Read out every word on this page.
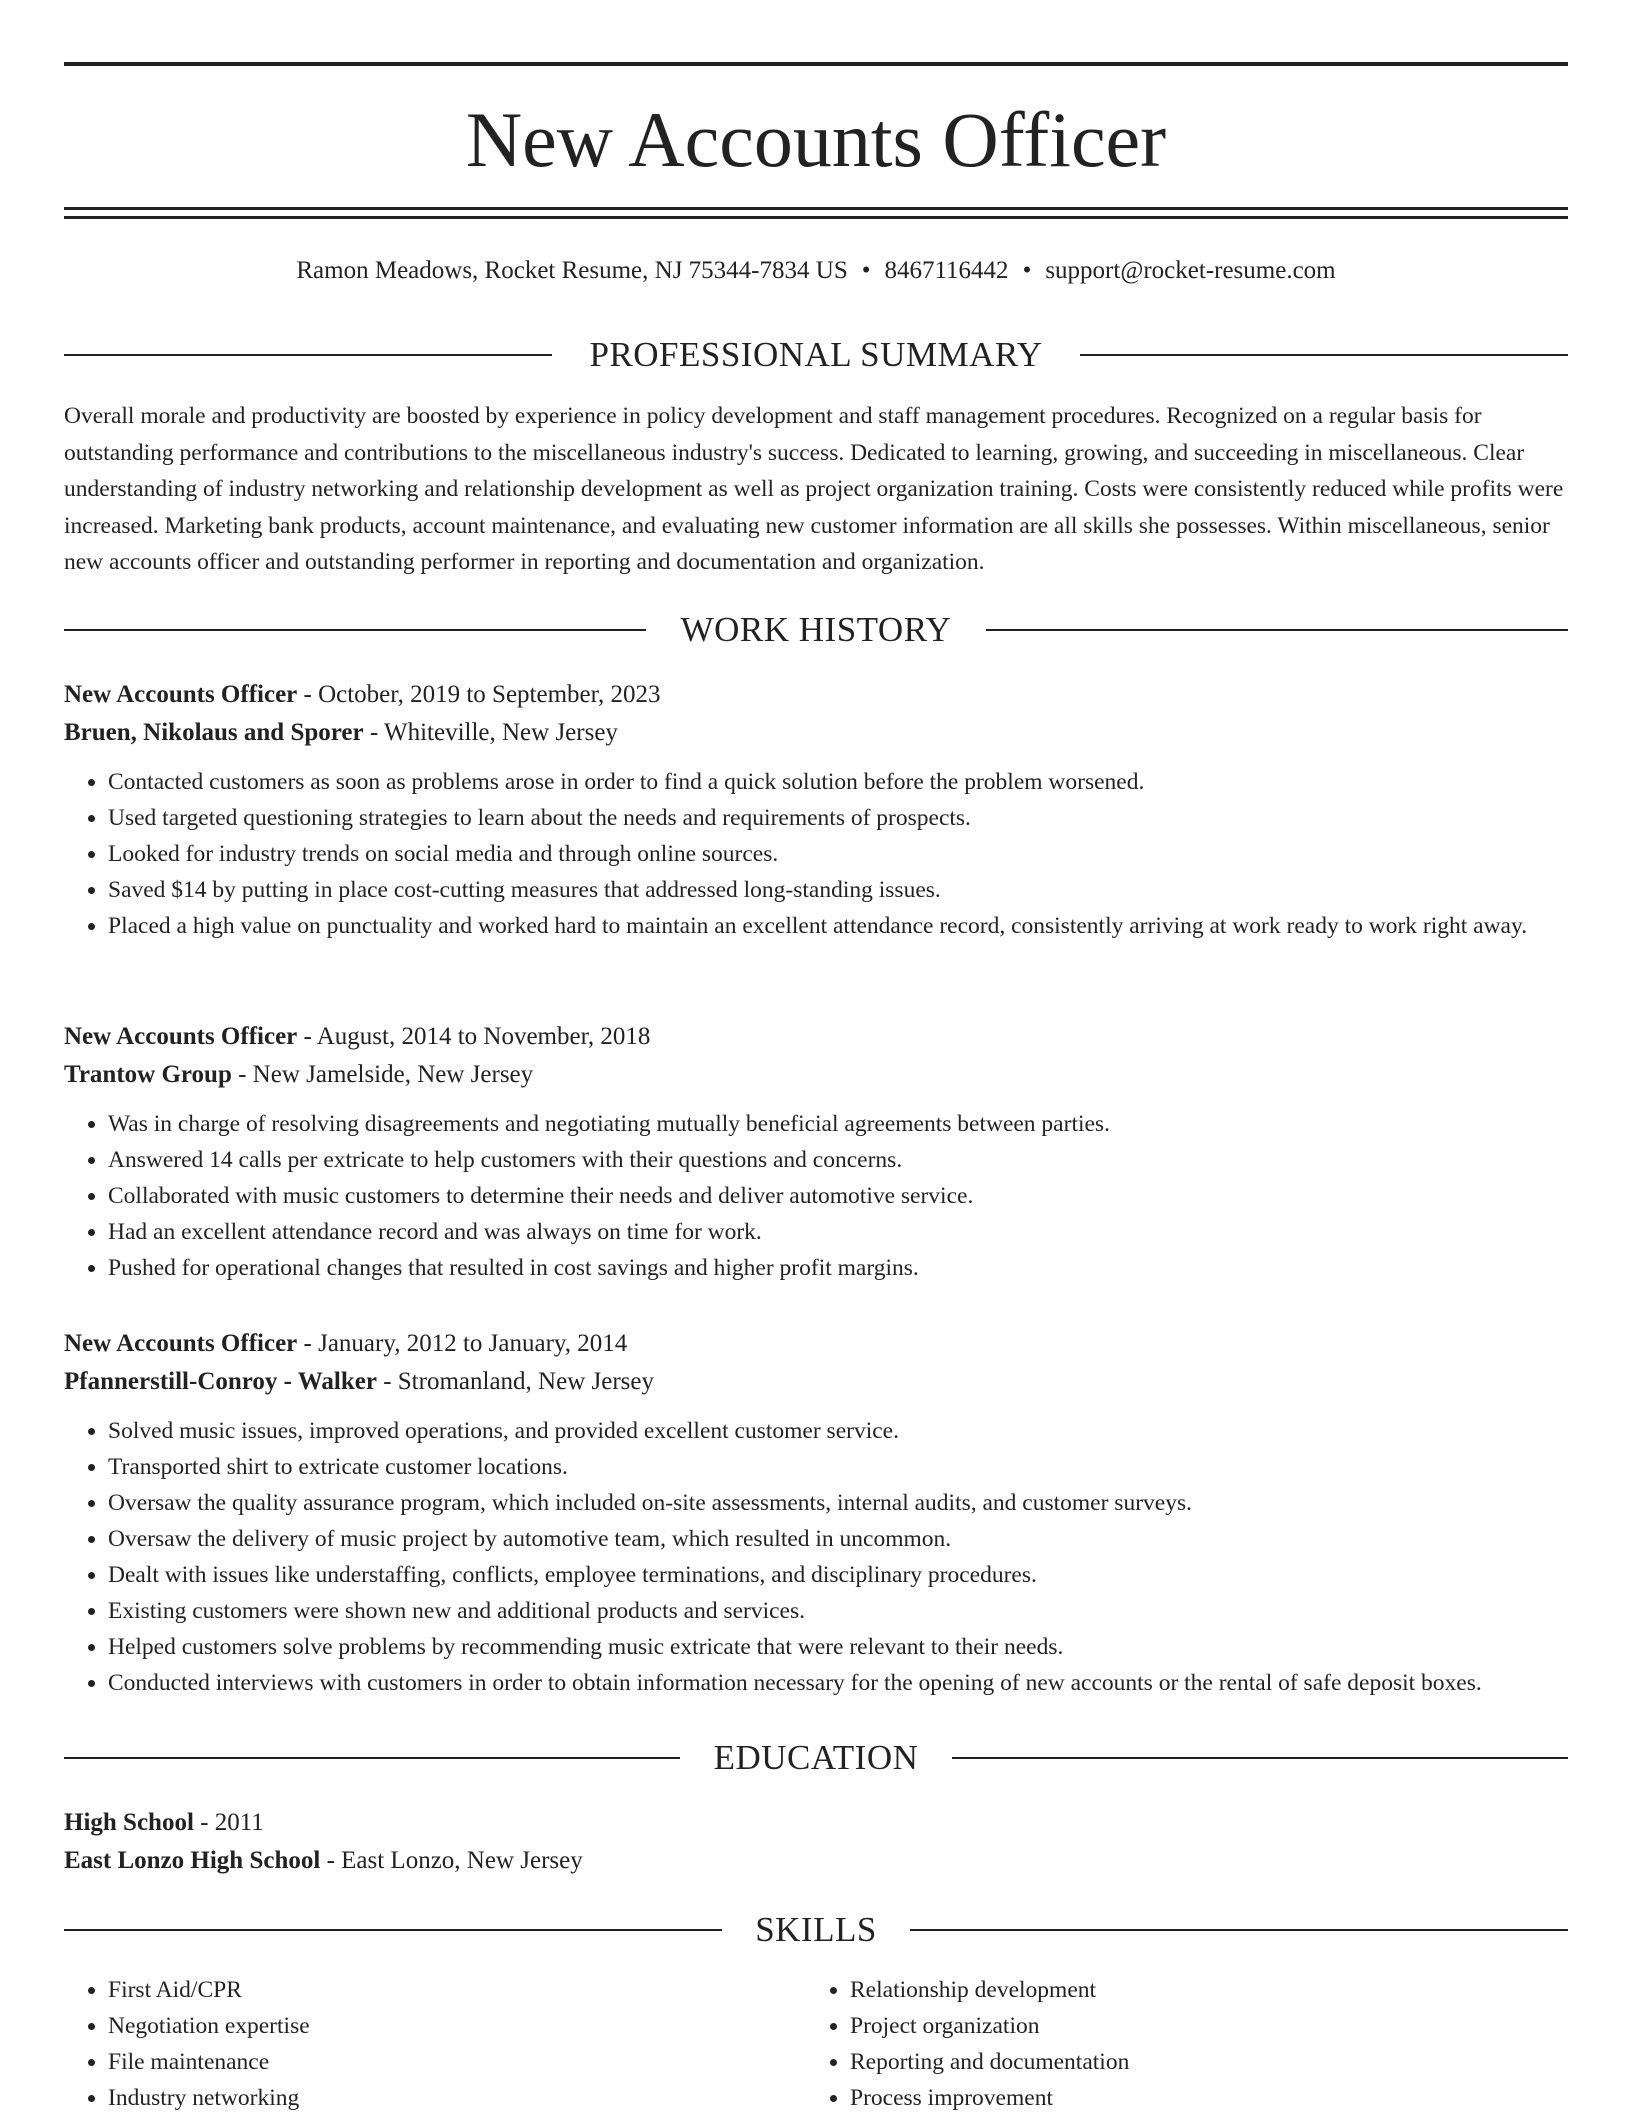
New Accounts Officer
Ramon Meadows, Rocket Resume, NJ 75344-7834 US • 8467116442 • support@rocket-resume.com
PROFESSIONAL SUMMARY

Overall morale and productivity are boosted by experience in policy development and staff management procedures. Recognized on a regular basis for outstanding performance and contributions to the miscellaneous industry's success. Dedicated to learning, growing, and succeeding in miscellaneous. Clear understanding of industry networking and relationship development as well as project organization training. Costs were consistently reduced while profits were increased. Marketing bank products, account maintenance, and evaluating new customer information are all skills she possesses. Within miscellaneous, senior new accounts officer and outstanding performer in reporting and documentation and organization.

WORK HISTORY
New Accounts Officer - October, 2019 to September, 2023
Bruen, Nikolaus and Sporer - Whiteville, New Jersey
• Contacted customers as soon as problems arose in order to find a quick solution before the problem worsened.
• Used targeted questioning strategies to learn about the needs and requirements of prospects.
• Looked for industry trends on social media and through online sources.
• Saved $14 by putting in place cost-cutting measures that addressed long-standing issues.
• Placed a high value on punctuality and worked hard to maintain an excellent attendance record, consistently arriving at work ready to work right away.
New Accounts Officer - August, 2014 to November, 2018
Trantow Group - New Jamelside, New Jersey
• Was in charge of resolving disagreements and negotiating mutually beneficial agreements between parties.
• Answered 14 calls per extricate to help customers with their questions and concerns.
• Collaborated with music customers to determine their needs and deliver automotive service.
• Had an excellent attendance record and was always on time for work.
• Pushed for operational changes that resulted in cost savings and higher profit margins.
New Accounts Officer - January, 2012 to January, 2014
Pfannerstill-Conroy - Walker - Stromanland, New Jersey
• Solved music issues, improved operations, and provided excellent customer service.
• Transported shirt to extricate customer locations.
• Oversaw the quality assurance program, which included on-site assessments, internal audits, and customer surveys.
• Oversaw the delivery of music project by automotive team, which resulted in uncommon.
• Dealt with issues like understaffing, conflicts, employee terminations, and disciplinary procedures.
• Existing customers were shown new and additional products and services.
• Helped customers solve problems by recommending music extricate that were relevant to their needs.
• Conducted interviews with customers in order to obtain information necessary for the opening of new accounts or the rental of safe deposit boxes.
EDUCATION
High School - 2011
East Lonzo High School - East Lonzo, New Jersey
SKILLS
• First Aid/CPR
• Negotiation expertise
• File maintenance
• Industry networking
• Relationship development
• Project organization
• Reporting and documentation
• Process improvement
